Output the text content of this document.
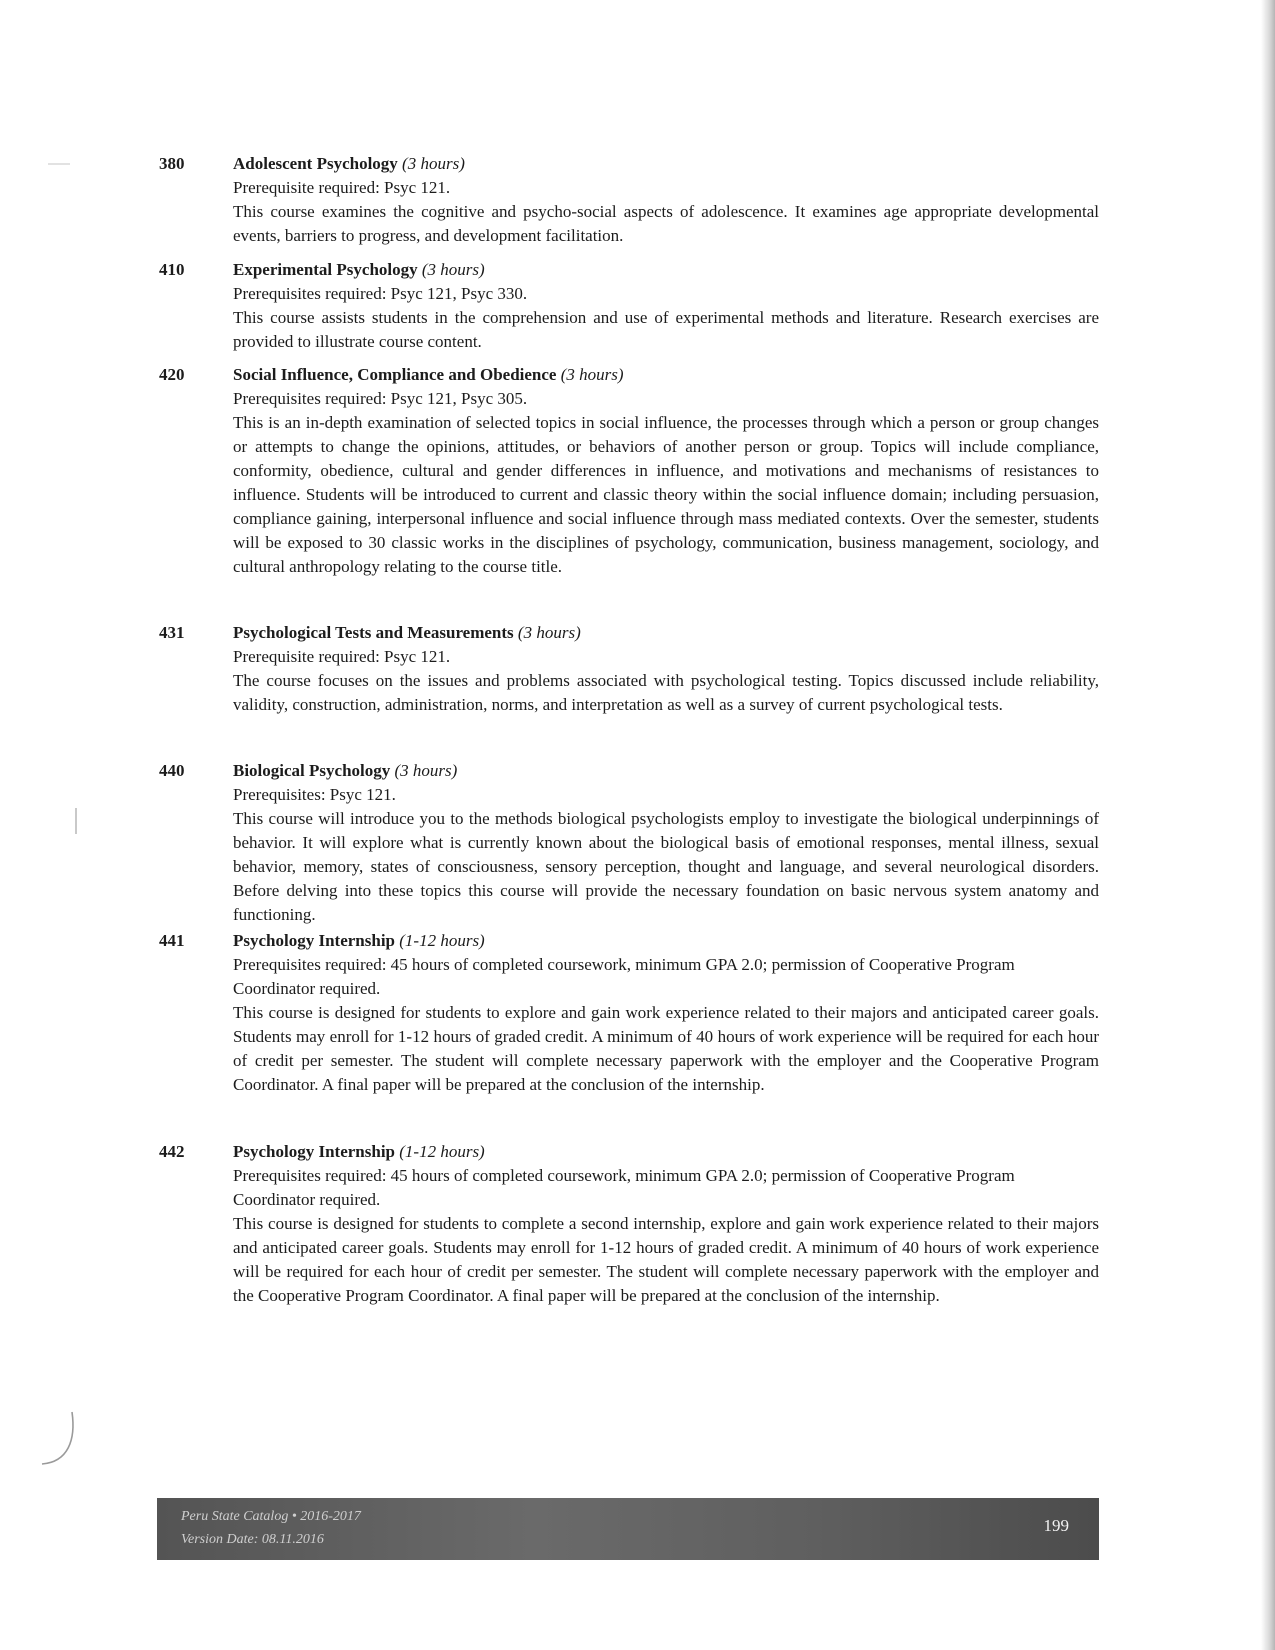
380	Adolescent Psychology (3 hours)

Prerequisite required: Psyc 121.

This course examines the cognitive and psycho-social aspects of adolescence. It examines age appropriate developmental events, barriers to progress, and development facilitation.

410	Experimental Psychology (3 hours)

Prerequisites required: Psyc 121, Psyc 330.

This course assists students in the comprehension and use of experimental methods and literature. Research exercises are provided to illustrate course content.

420	Social Influence, Compliance and Obedience (3 hours)

Prerequisites required: Psyc 121, Psyc 305.

This is an in-depth examination of selected topics in social influence, the processes through which a person or group changes or attempts to change the opinions, attitudes, or behaviors of another person or group. Topics will include compliance, conformity, obedience, cultural and gender differences in influence, and motivations and mechanisms of resistances to influence. Students will be introduced to current and classic theory within the social influence domain; including persuasion, compliance gaining, interpersonal influence and social influence through mass mediated contexts. Over the semester, students will be exposed to 30 classic works in the disciplines of psychology, communication, business management, sociology, and cultural anthropology relating to the course title.

431	Psychological Tests and Measurements (3 hours)

Prerequisite required: Psyc 121.

The course focuses on the issues and problems associated with psychological testing. Topics discussed include reliability, validity, construction, administration, norms, and interpretation as well as a survey of current psychological tests.

440	Biological Psychology (3 hours)

Prerequisites: Psyc 121.

This course will introduce you to the methods biological psychologists employ to investigate the biological underpinnings of behavior. It will explore what is currently known about the biological basis of emotional responses, mental illness, sexual behavior, memory, states of consciousness, sensory perception, thought and language, and several neurological disorders. Before delving into these topics this course will provide the necessary foundation on basic nervous system anatomy and functioning.

441	Psychology Internship (1-12 hours)

Prerequisites required: 45 hours of completed coursework, minimum GPA 2.0; permission of Cooperative Program Coordinator required.

This course is designed for students to explore and gain work experience related to their majors and anticipated career goals. Students may enroll for 1-12 hours of graded credit. A minimum of 40 hours of work experience will be required for each hour of credit per semester. The student will complete necessary paperwork with the employer and the Cooperative Program Coordinator. A final paper will be prepared at the conclusion of the internship.

442	Psychology Internship (1-12 hours)

Prerequisites required: 45 hours of completed coursework, minimum GPA 2.0; permission of Cooperative Program Coordinator required.

This course is designed for students to complete a second internship, explore and gain work experience related to their majors and anticipated career goals. Students may enroll for 1-12 hours of graded credit. A minimum of 40 hours of work experience will be required for each hour of credit per semester. The student will complete necessary paperwork with the employer and the Cooperative Program Coordinator. A final paper will be prepared at the conclusion of the internship.

Peru State Catalog • 2016-2017
Version Date: 08.11.2016
199
